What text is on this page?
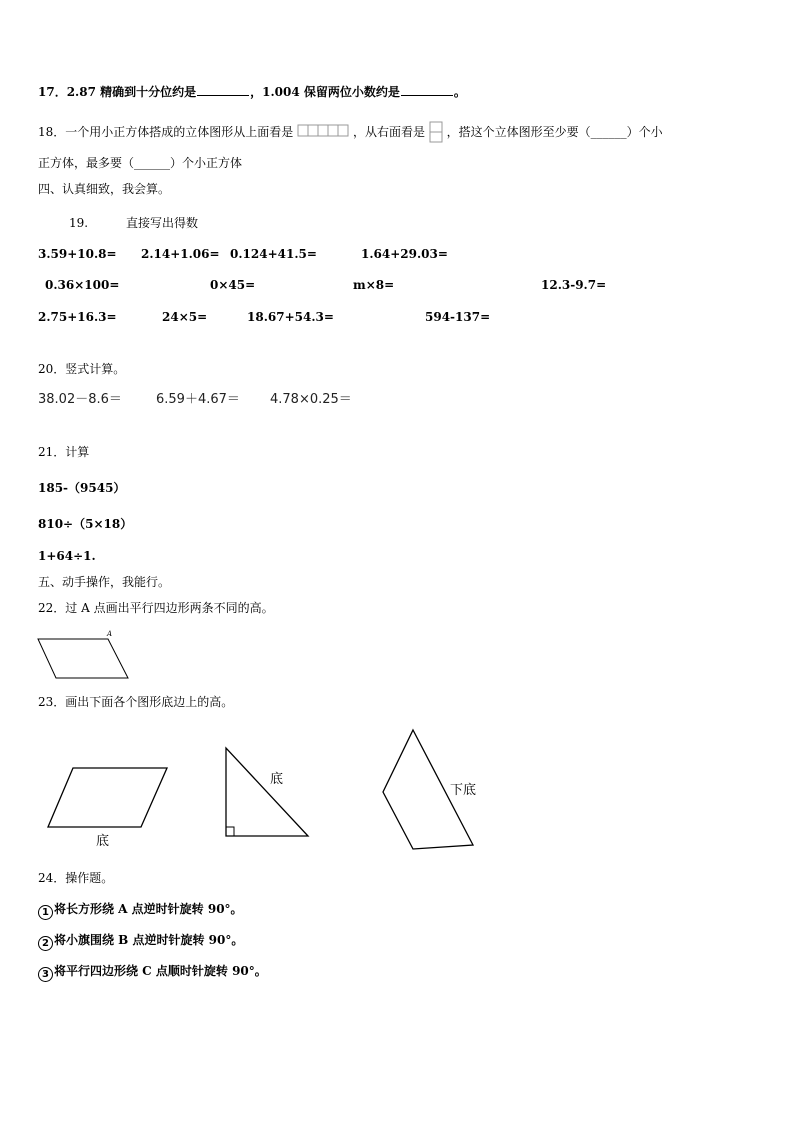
17．2.87 精确到十分位约是	，1.004 保留两位小数约是	。
18．一个用小正方体搭成的立体图形从上面看是	，从右面看是 ，搭这个立体图形至少要（______）个小
正方体，最多要（______）个小正方体
四、认真细致，我会算。
19.	直接写出得数
3.59+10.8= 2.14+1.06= 0.124+41.5=	1.64+29.03=
0.36×100=	0×45=	m×8=	12.3-9.7=
2.75+16.3=	24×5=	18.67+54.3=	594-137=
20．竖式计算。
38.02－8.6＝	6.59＋4.67＝ 4.78×0.25＝
21．计算
185-（9545）
810÷（5×18）
1+64÷1.
五、动手操作，我能行。
22．过 A 点画出平行四边形两条不同的高。
A
23．画出下面各个图形底边上的高。
底
底
下底
24．操作题。
1 将长方形绕 A 点逆时针旋转 90°。
2 将小旗围绕 B 点逆时针旋转 90°。
3 将平行四边形绕 C 点顺时针旋转 90°。
